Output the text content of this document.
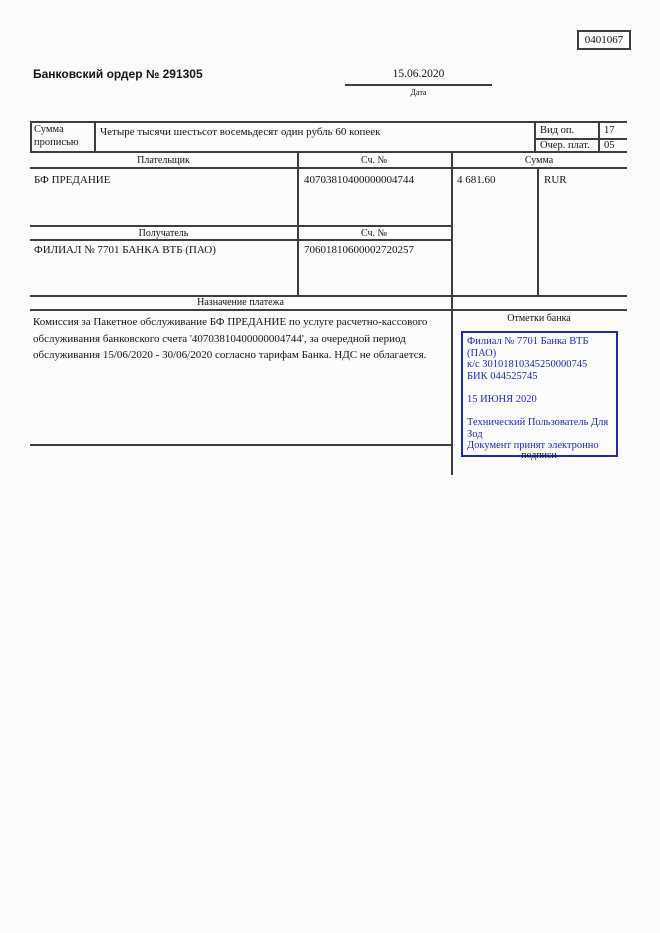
0401067
Банковский ордер № 291305	15.06.2020
Дата
Сумма
прописью
Четыре тысячи шестьсот восемьдесят один рубль 60 копеек	Вид оп.	17
Очер. плат. 05
Плательщик	Сч. №	Сумма
БФ ПРЕДАНИЕ	40703810400000004744	4 681.60	RUR
Получатель	Сч. №
ФИЛИАЛ № 7701 БАНКА ВТБ (ПАО)	70601810600002720257
Назначение платежа
Комиссия за Пакетное обслуживание БФ ПРЕДАНИЕ по услуге расчетно-кассового обслуживания банковского счета '40703810400000004744', за очередной период обслуживания 15/06/2020 - 30/06/2020 согласно тарифам Банка. НДС не облагается.
Отметки банка
Филиал № 7701 Банка ВТБ (ПАО)
к/с 30101810345250000745
БИК 044525745
15 ИЮНЯ 2020
Технический Пользователь Для
Зод
Документ принят электронно
подписи
